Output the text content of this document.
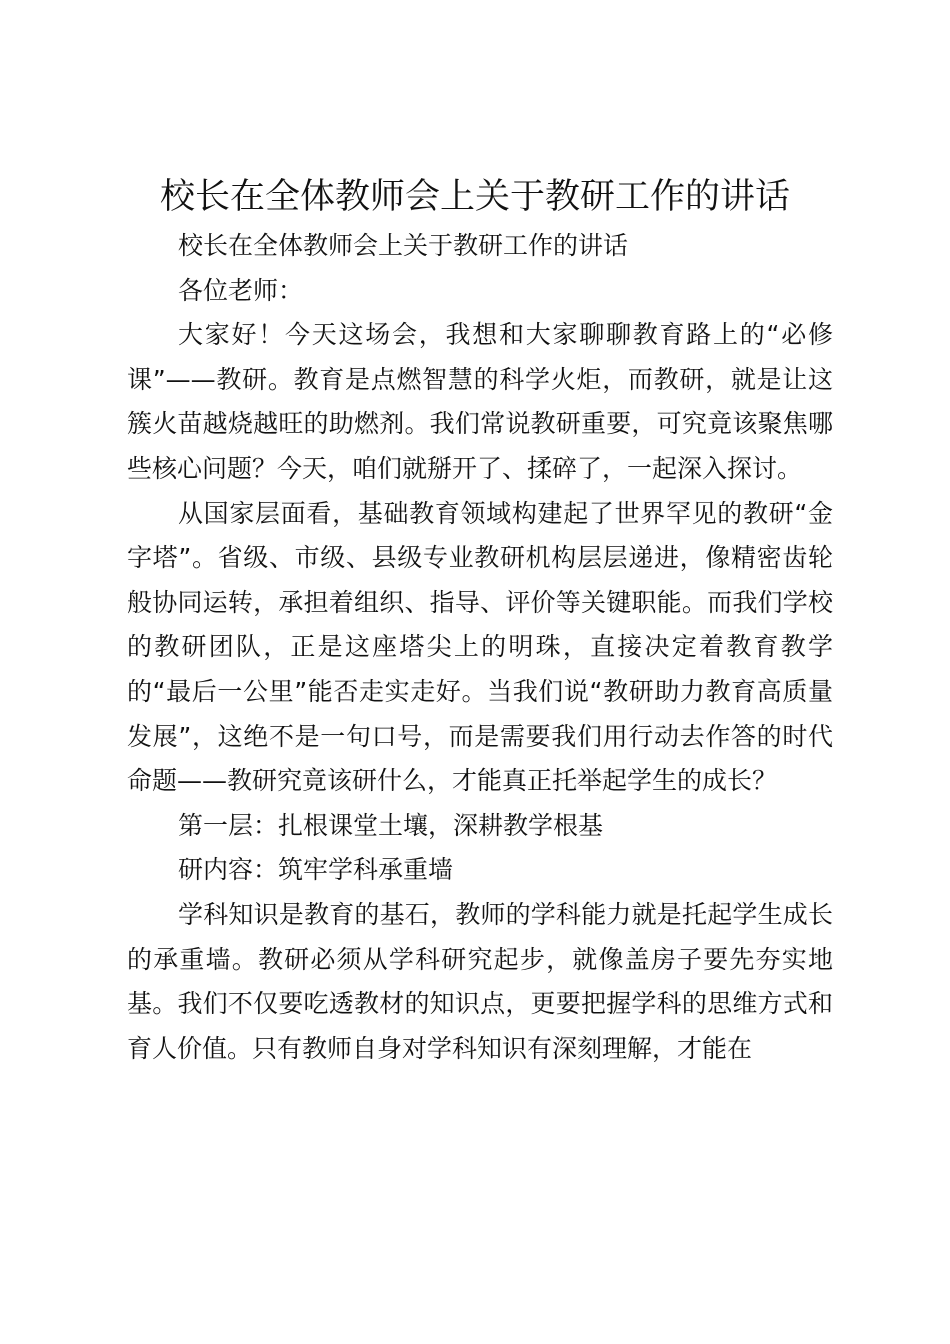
校长在全体教师会上关于教研工作的讲话

校长在全体教师会上关于教研工作的讲话

各位老师：

大家好！今天这场会，我想和大家聊聊教育路上的“必修课”——教研。教育是点燃智慧的科学火炬，而教研，就是让这簇火苗越烧越旺的助燃剂。我们常说教研重要，可究竟该聚焦哪些核心问题？今天，咱们就掰开了、揉碎了，一起深入探讨。

从国家层面看，基础教育领域构建起了世界罕见的教研“金字塔”。省级、市级、县级专业教研机构层层递进，像精密齿轮般协同运转，承担着组织、指导、评价等关键职能。而我们学校的教研团队，正是这座塔尖上的明珠，直接决定着教育教学的“最后一公里”能否走实走好。当我们说“教研助力教育高质量发展”，这绝不是一句口号，而是需要我们用行动去作答的时代命题——教研究竟该研什么，才能真正托举起学生的成长？

第一层：扎根课堂土壤，深耕教学根基

研内容：筑牢学科承重墙

学科知识是教育的基石，教师的学科能力就是托起学生成长的承重墙。教研必须从学科研究起步，就像盖房子要先夯实地基。我们不仅要吃透教材的知识点，更要把握学科的思维方式和育人价值。只有教师自身对学科知识有深刻理解，才能在
